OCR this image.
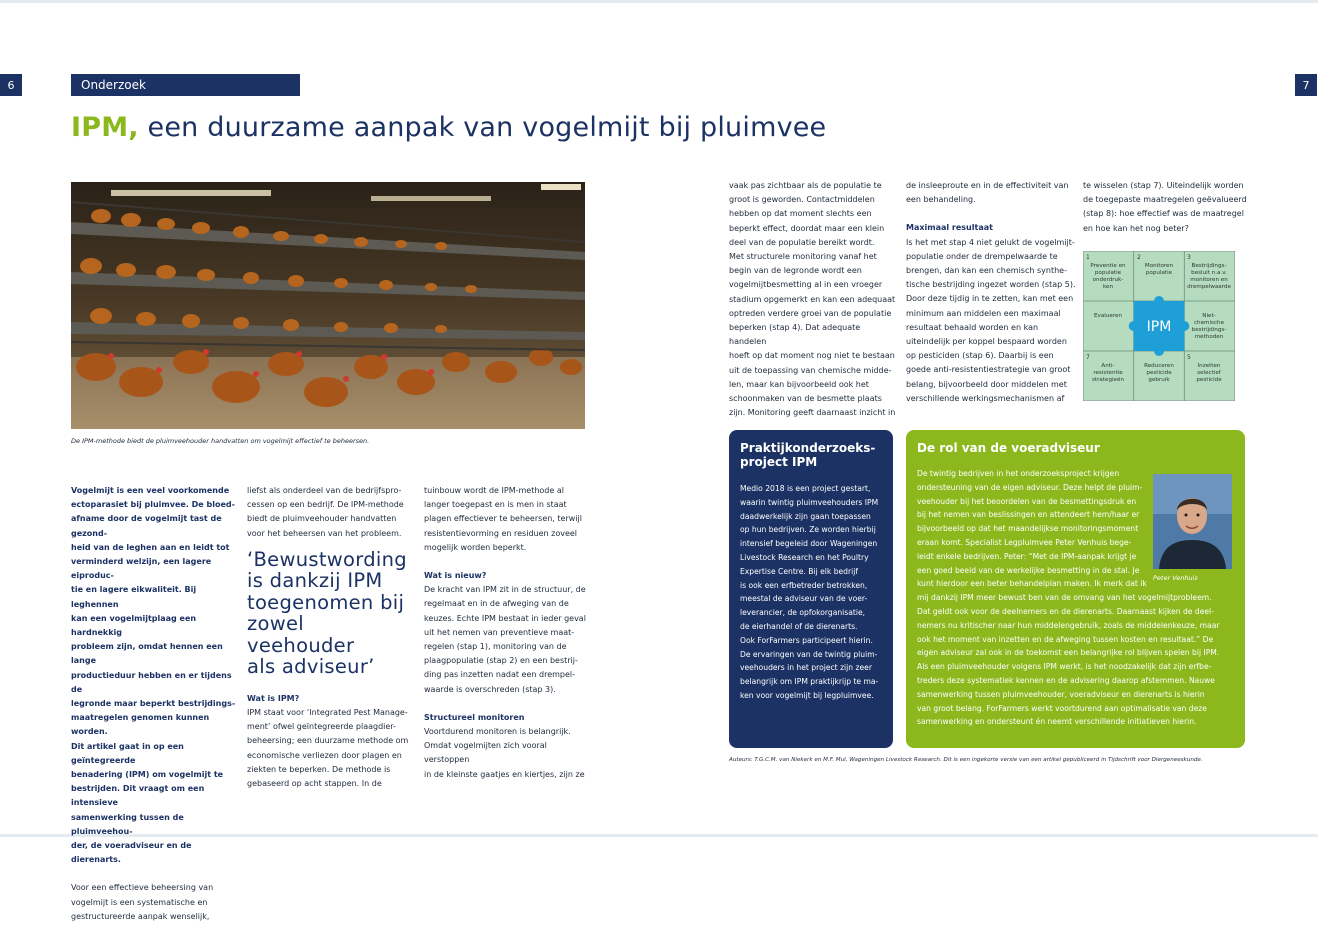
6	7
Onderzoek
IPM, een duurzame aanpak van vogelmijt bij pluimvee
De IPM-methode biedt de pluimveehouder handvatten om vogelmijt effectief te beheersen.

Vogelmijt is een veel voorkomende
ectoparasiet bij pluimvee. De bloed-
afname door de vogelmijt tast de gezond-
heid van de leghen aan en leidt tot
verminderd welzijn, een lagere eiproduc-
tie en lagere eikwaliteit. Bij leghennen
kan een vogelmijtplaag een hardnekkig
probleem zijn, omdat hennen een lange
productieduur hebben en er tijdens de
legronde maar beperkt bestrijdings-
maatregelen genomen kunnen worden.
Dit artikel gaat in op een geïntegreerde
benadering (IPM) om vogelmijt te
bestrijden. Dit vraagt om een intensieve
samenwerking tussen de pluimveehou-
der, de voeradviseur en de dierenarts.

Voor een effectieve beheersing van
vogelmijt is een systematische en
gestructureerde aanpak wenselijk,

liefst als onderdeel van de bedrijfspro-
cessen op een bedrijf. De IPM-methode
biedt de pluimveehouder handvatten
voor het beheersen van het probleem.

‘Bewustwording
is dankzij IPM
toegenomen bij
zowel veehouder
als adviseur’
Wat is IPM?

IPM staat voor ‘Integrated Pest Manage-
ment’ ofwel geïntegreerde plaagdier-
beheersing; een duurzame methode om
economische verliezen door plagen en
ziekten te beperken. De methode is
gebaseerd op acht stappen. In de

tuinbouw wordt de IPM-methode al
langer toegepast en is men in staat
plagen effectiever te beheersen, terwijl
resistentievorming en residuen zoveel
mogelijk worden beperkt.

Wat is nieuw?

De kracht van IPM zit in de structuur, de
regelmaat en in de afweging van de
keuzes. Echte IPM bestaat in ieder geval
uit het nemen van preventieve maat-
regelen (stap 1), monitoring van de
plaagpopulatie (stap 2) en een bestrij-
ding pas inzetten nadat een drempel-
waarde is overschreden (stap 3).

Structureel monitoren

Voortdurend monitoren is belangrijk.
Omdat vogelmijten zich vooral verstoppen
in de kleinste gaatjes en kiertjes, zijn ze

vaak pas zichtbaar als de populatie te
groot is geworden. Contactmiddelen
hebben op dat moment slechts een
beperkt effect, doordat maar een klein
deel van de populatie bereikt wordt.
Met structurele monitoring vanaf het
begin van de legronde wordt een
vogelmijtbesmetting al in een vroeger
stadium opgemerkt en kan een adequaat
optreden verdere groei van de populatie
beperken (stap 4). Dat adequate handelen
hoeft op dat moment nog niet te bestaan
uit de toepassing van chemische midde-
len, maar kan bijvoorbeeld ook het
schoonmaken van de besmette plaats
zijn. Monitoring geeft daarnaast inzicht in

de insleeproute en in de effectiviteit van
een behandeling.

Maximaal resultaat

Is het met stap 4 niet gelukt de vogelmijt-
populatie onder de drempelwaarde te
brengen, dan kan een chemisch synthe-
tische bestrijding ingezet worden (stap 5).
Door deze tijdig in te zetten, kan met een
minimum aan middelen een maximaal
resultaat behaald worden en kan
uiteindelijk per koppel bespaard worden
op pesticiden (stap 6). Daarbij is een
goede anti-resistentiestrategie van groot
belang, bijvoorbeeld door middelen met
verschillende werkingsmechanismen af

te wisselen (stap 7). Uiteindelijk worden
de toegepaste maatregelen geëvalueerd
(stap 8): hoe effectief was de maatregel
en hoe kan het nog beter?

IPM
1
Preventie en
populatie
onderdruk-
ken
2
Monitoren
populatie
3
Bestrijdings-
besluit n.a.v.
monitoren en
drempelwaarde
Niet-
chemische
bestrijdings-
methoden
5
Inzetten
selectief
pesticide
Reduceren
pesticide
gebruik
7
Anti-
resistentie
strategieën
Evalueren
Praktijkonderzoeks-
project IPM
Medio 2018 is een project gestart,
waarin twintig pluimveehouders IPM
daadwerkelijk zijn gaan toepassen
op hun bedrijven. Ze worden hierbij
intensief begeleid door Wageningen
Livestock Research en het Poultry
Expertise Centre. Bij elk bedrijf
is ook een erfbetreder betrokken,
meestal de adviseur van de voer-
leverancier, de opfokorganisatie,
de eierhandel of de dierenarts.
Ook ForFarmers participeert hierin.
De ervaringen van de twintig pluim-
veehouders in het project zijn zeer
belangrijk om IPM praktijkrijp te ma-
ken voor vogelmijt bij legpluimvee.
De rol van de voeradviseur
De twintig bedrijven in het onderzoeksproject krijgen
ondersteuning van de eigen adviseur. Deze helpt de pluim-
veehouder bij het beoordelen van de besmettingsdruk en
bij het nemen van beslissingen en attendeert hem/haar er
bijvoorbeeld op dat het maandelijkse monitoringsmoment
eraan komt. Specialist Legpluimvee Peter Venhuis bege-
leidt enkele bedrijven. Peter: “Met de IPM-aanpak krijgt je
een goed beeld van de werkelijke besmetting in de stal. Je
kunt hierdoor een beter behandelplan maken. Ik merk dat ik
mij dankzij IPM meer bewust ben van de omvang van het vogelmijtprobleem.
Dat geldt ook voor de deelnemers en de dierenarts. Daarnaast kijken de deel-
nemers nu kritischer naar hun middelengebruik, zoals de middelenkeuze, maar
ook het moment van inzetten en de afweging tussen kosten en resultaat.” De
eigen adviseur zal ook in de toekomst een belangrijke rol blijven spelen bij IPM.
Als een pluimveehouder volgens IPM werkt, is het noodzakelijk dat zijn erfbe-
treders deze systematiek kennen en de advisering daarop afstemmen. Nauwe
samenwerking tussen pluimveehouder, voeradviseur en dierenarts is hierin
van groot belang. ForFarmers werkt voortdurend aan optimalisatie van deze
samenwerking en ondersteunt én neemt verschillende initiatieven hierin.
Peter Venhuis
Auteurs: T.G.C.M. van Niekerk en M.F. Mul, Wageningen Livestock Research. Dit is een ingekorte versie van een artikel gepubliceerd in Tijdschrift voor Diergeneeskunde.
